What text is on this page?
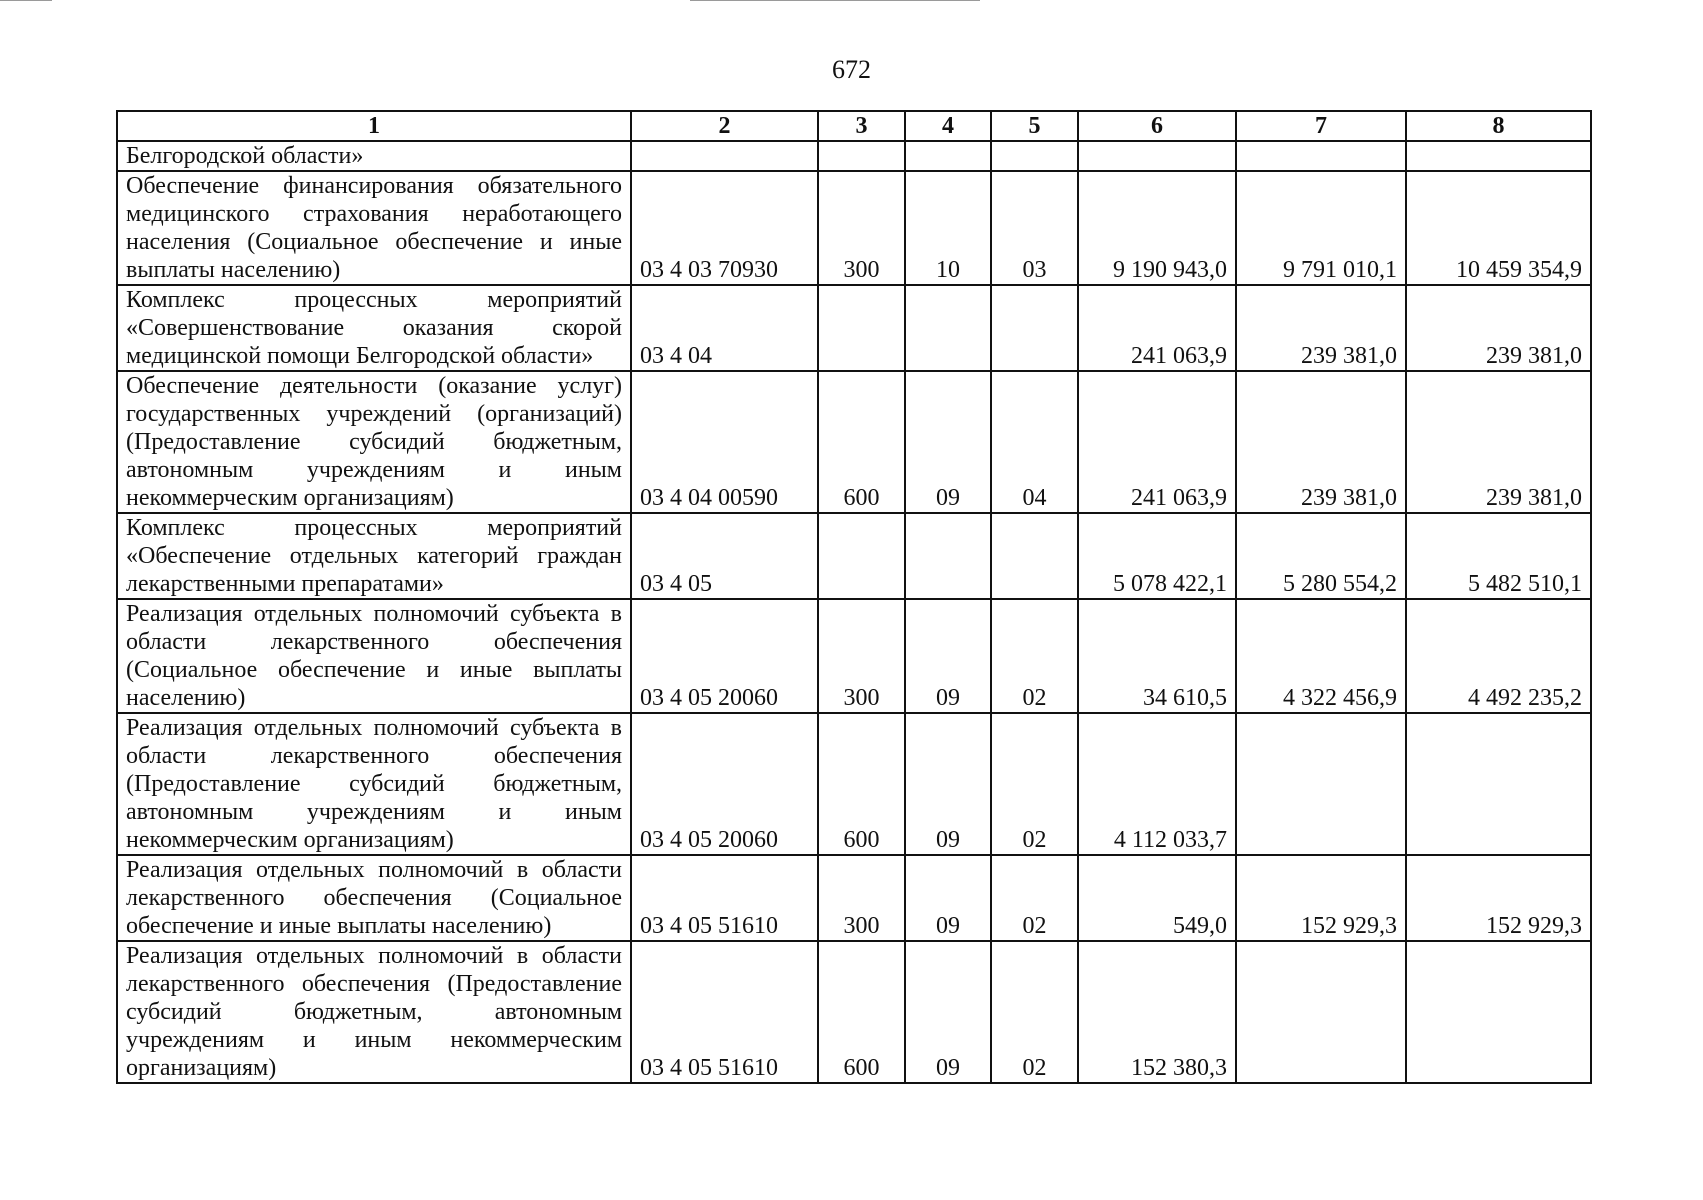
672
1	2	3	4	5	6	7	8
Белгородской области»							
Обеспечение финансирования обязательного медицинского страхования неработающего населения (Социальное обеспечение и иные выплаты населению)	03 4 03 70930	300	10	03	9 190 943,0	9 791 010,1	10 459 354,9
Комплекс процессных мероприятий «Совершенствование оказания скорой медицинской помощи Белгородской области»	03 4 04				241 063,9	239 381,0	239 381,0
Обеспечение деятельности (оказание услуг) государственных учреждений (организаций) (Предоставление субсидий бюджетным, автономным учреждениям и иным некоммерческим организациям)	03 4 04 00590	600	09	04	241 063,9	239 381,0	239 381,0
Комплекс процессных мероприятий «Обеспечение отдельных категорий граждан лекарственными препаратами»	03 4 05				5 078 422,1	5 280 554,2	5 482 510,1
Реализация отдельных полномочий субъекта в области лекарственного обеспечения (Социальное обеспечение и иные выплаты населению)	03 4 05 20060	300	09	02	34 610,5	4 322 456,9	4 492 235,2
Реализация отдельных полномочий субъекта в области лекарственного обеспечения (Предоставление субсидий бюджетным, автономным учреждениям и иным некоммерческим организациям)	03 4 05 20060	600	09	02	4 112 033,7		
Реализация отдельных полномочий в области лекарственного обеспечения (Социальное обеспечение и иные выплаты населению)	03 4 05 51610	300	09	02	549,0	152 929,3	152 929,3
Реализация отдельных полномочий в области лекарственного обеспечения (Предоставление субсидий бюджетным, автономным учреждениям и иным некоммерческим организациям)	03 4 05 51610	600	09	02	152 380,3		
